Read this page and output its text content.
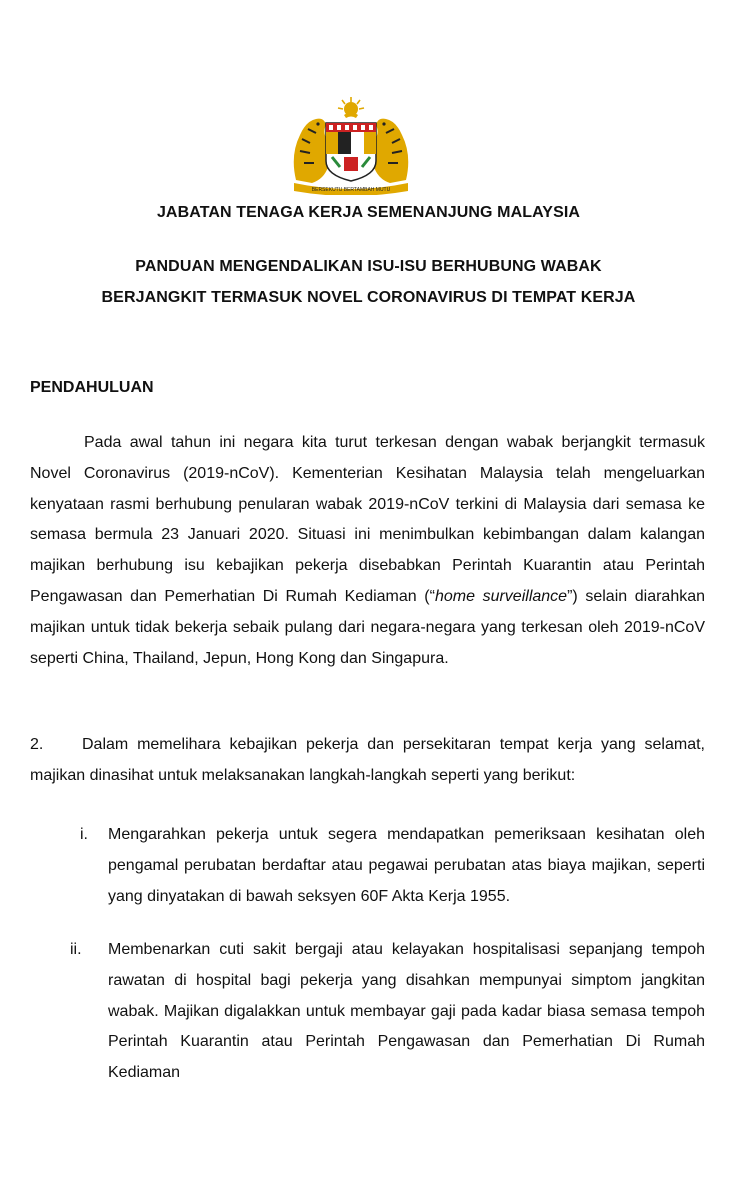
BERSEKUTU BERTAMBAH MUTU

JABATAN TENAGA KERJA SEMENANJUNG MALAYSIA

PANDUAN MENGENDALIKAN ISU-ISU BERHUBUNG WABAK

BERJANGKIT TERMASUK NOVEL CORONAVIRUS DI TEMPAT KERJA

PENDAHULUAN

Pada awal tahun ini negara kita turut terkesan dengan wabak berjangkit termasuk Novel Coronavirus (2019-nCoV). Kementerian Kesihatan Malaysia telah mengeluarkan kenyataan rasmi berhubung penularan wabak 2019-nCoV terkini di Malaysia dari semasa ke semasa bermula 23 Januari 2020. Situasi ini menimbulkan kebimbangan dalam kalangan majikan berhubung isu kebajikan pekerja disebabkan Perintah Kuarantin atau Perintah Pengawasan dan Pemerhatian Di Rumah Kediaman (“home surveillance”) selain diarahkan majikan untuk tidak bekerja sebaik pulang dari negara-negara yang terkesan oleh 2019-nCoV seperti China, Thailand, Jepun, Hong Kong dan Singapura.

2. Dalam memelihara kebajikan pekerja dan persekitaran tempat kerja yang selamat, majikan dinasihat untuk melaksanakan langkah-langkah seperti yang berikut:

i.	Mengarahkan pekerja untuk segera mendapatkan pemeriksaan kesihatan oleh pengamal perubatan berdaftar atau pegawai perubatan atas biaya majikan, seperti yang dinyatakan di bawah seksyen 60F Akta Kerja 1955.
ii.	Membenarkan cuti sakit bergaji atau kelayakan hospitalisasi sepanjang tempoh rawatan di hospital bagi pekerja yang disahkan mempunyai simptom jangkitan wabak. Majikan digalakkan untuk membayar gaji pada kadar biasa semasa tempoh Perintah Kuarantin atau Perintah Pengawasan dan Pemerhatian Di Rumah Kediaman
